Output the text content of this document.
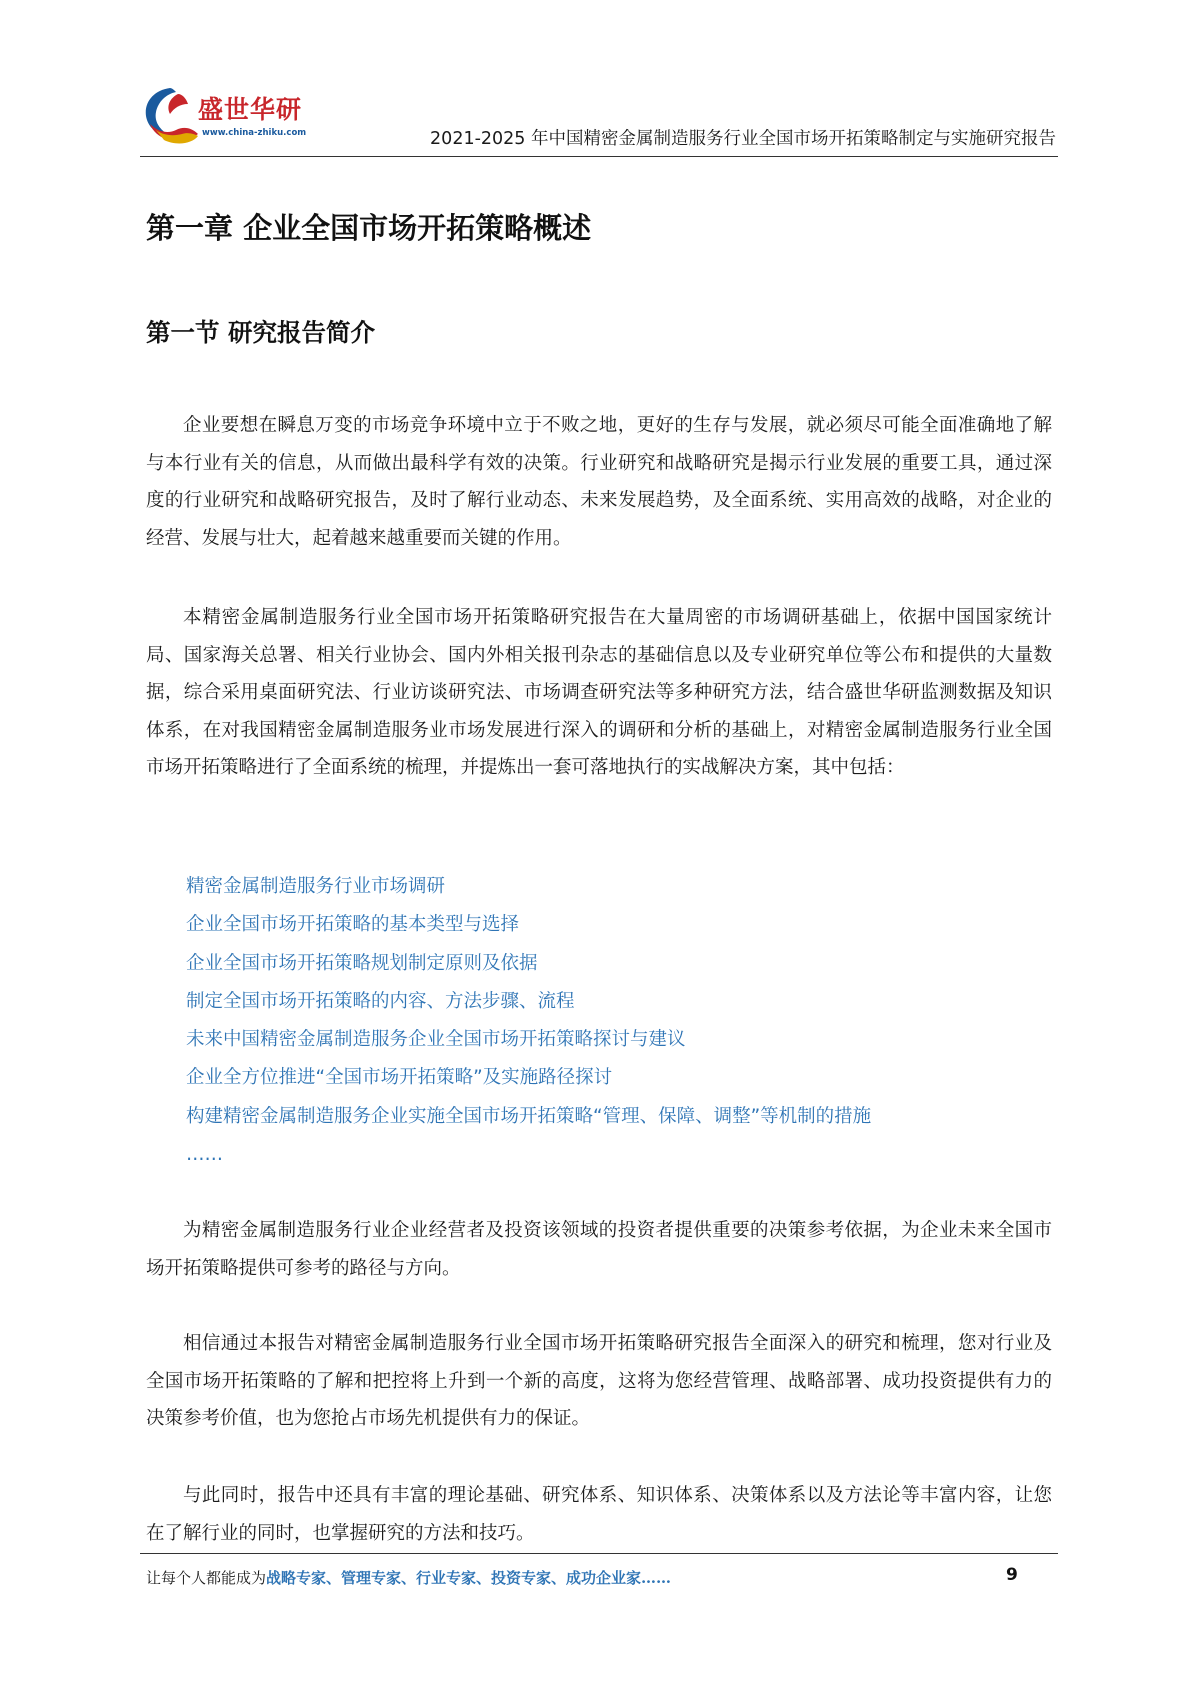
盛世华研
www.china-zhiku.com	2021-2025 年中国精密金属制造服务行业全国市场开拓策略制定与实施研究报告
第一章 企业全国市场开拓策略概述
第一节 研究报告简介

企业要想在瞬息万变的市场竞争环境中立于不败之地，更好的生存与发展，就必须尽可能全面准确地了解与本行业有关的信息，从而做出最科学有效的决策。行业研究和战略研究是揭示行业发展的重要工具，通过深度的行业研究和战略研究报告，及时了解行业动态、未来发展趋势，及全面系统、实用高效的战略，对企业的经营、发展与壮大，起着越来越重要而关键的作用。

本精密金属制造服务行业全国市场开拓策略研究报告在大量周密的市场调研基础上，依据中国国家统计局、国家海关总署、相关行业协会、国内外相关报刊杂志的基础信息以及专业研究单位等公布和提供的大量数据，综合采用桌面研究法、行业访谈研究法、市场调查研究法等多种研究方法，结合盛世华研监测数据及知识体系，在对我国精密金属制造服务业市场发展进行深入的调研和分析的基础上，对精密金属制造服务行业全国市场开拓策略进行了全面系统的梳理，并提炼出一套可落地执行的实战解决方案，其中包括：

精密金属制造服务行业市场调研
企业全国市场开拓策略的基本类型与选择
企业全国市场开拓策略规划制定原则及依据
制定全国市场开拓策略的内容、方法步骤、流程
未来中国精密金属制造服务企业全国市场开拓策略探讨与建议
企业全方位推进“全国市场开拓策略”及实施路径探讨
构建精密金属制造服务企业实施全国市场开拓策略“管理、保障、调整”等机制的措施
……

为精密金属制造服务行业企业经营者及投资该领域的投资者提供重要的决策参考依据，为企业未来全国市场开拓策略提供可参考的路径与方向。

相信通过本报告对精密金属制造服务行业全国市场开拓策略研究报告全面深入的研究和梳理，您对行业及全国市场开拓策略的了解和把控将上升到一个新的高度，这将为您经营管理、战略部署、成功投资提供有力的决策参考价值，也为您抢占市场先机提供有力的保证。

与此同时，报告中还具有丰富的理论基础、研究体系、知识体系、决策体系以及方法论等丰富内容，让您在了解行业的同时，也掌握研究的方法和技巧。

让每个人都能成为战略专家、管理专家、行业专家、投资专家、成功企业家……	9
